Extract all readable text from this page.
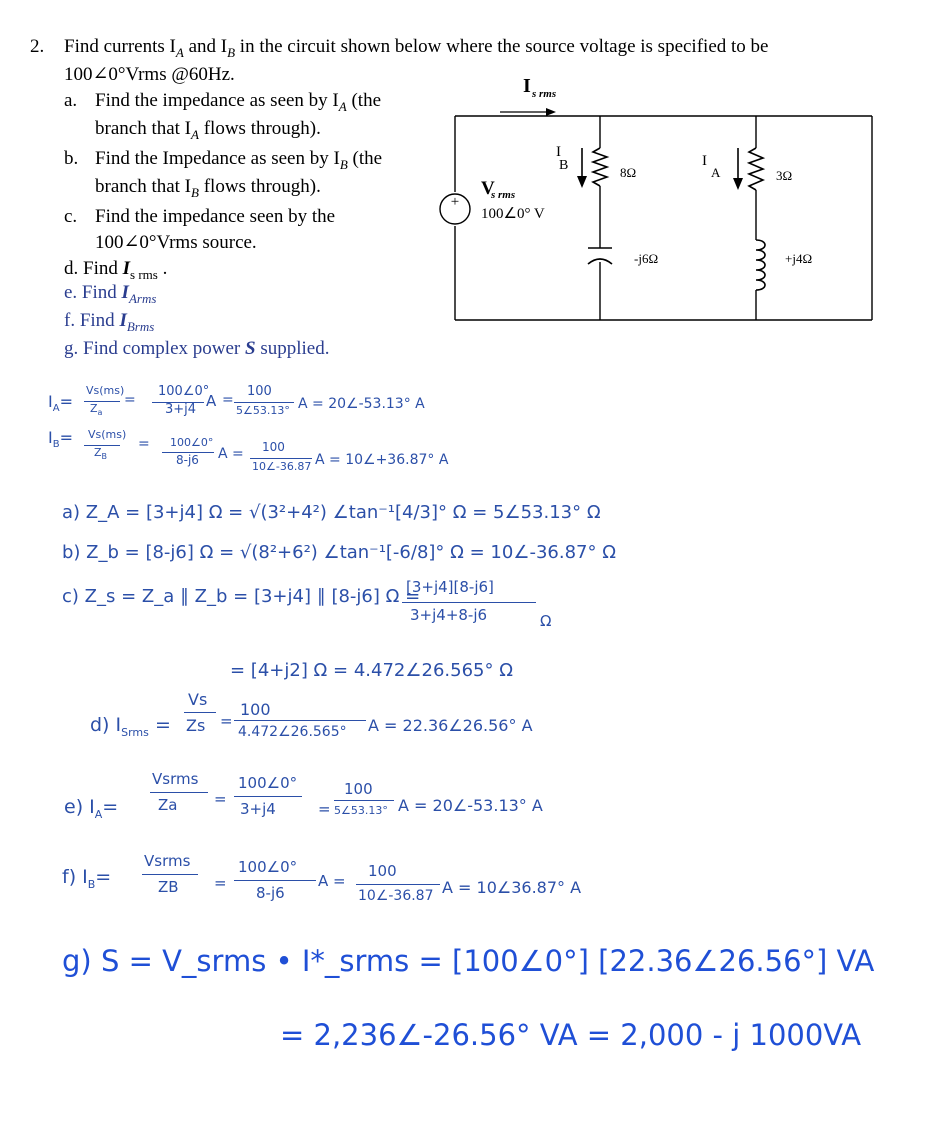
2. Find currents $I_A$ and $I_B$ in the circuit shown below where the source voltage is specified to be
100∠0°Vrms @60Hz.
a. Find the impedance as seen by $I_A$ (the
branch that $I_A$ flows through).
b. Find the Impedance as seen by $I_B$ (the
branch that $I_B$ flows through).
c. Find the impedance seen by the
100∠0°Vrms source.
d. Find $I_{s rms}$ .
e. Find $I_{Arms}$
f. Find $I_{Brms}$
g. Find complex power S supplied.
+
I s rms
V
s rms
100∠0° V
I
B	8Ω
-j6Ω
I
A	3Ω
+j4Ω
$I_A=$
Vs(ms)
$Z_a$
=
100∠0°
3+j4 A =
100
5∠53.13° A = 20∠-53.13° A
$I_B= Vs(ms)$
$Z_B$
= 100∠0°
8-j6 A = 100
10∠-36.87 A = 10∠+36.87° A
a) Z_A = [3+j4] Ω = √(3²+4²) ∠tan⁻¹[4/3]° Ω = 5∠53.13° Ω
b) Z_b = [8-j6] Ω = √(8²+6²) ∠tan⁻¹[-6/8]° Ω = 10∠-36.87° Ω
c) Z_s = Z_a ∥ Z_b = [3+j4] ∥ [8-j6] Ω =
[3+j4][8-j6]
3+j4+8-j6	Ω
= [4+j2] Ω = 4.472∠26.565° Ω
d) $I_{Srms}$ =
Vs
Zs =
100
4.472∠26.565° A = 22.36∠26.56° A
e) $I_A=$
Vsrms
Za =
100∠0°
3+j4	=
100
5∠53.13° A = 20∠-53.13° A
f) $I_B=$
Vsrms
ZB =
100∠0°
8-j6
A =
100
10∠-36.87 A = 10∠36.87° A
g) S = V_srms • I*_srms = [100∠0°] [22.36∠26.56°] VA
= 2,236∠-26.56° VA = 2,000 - j 1000VA
